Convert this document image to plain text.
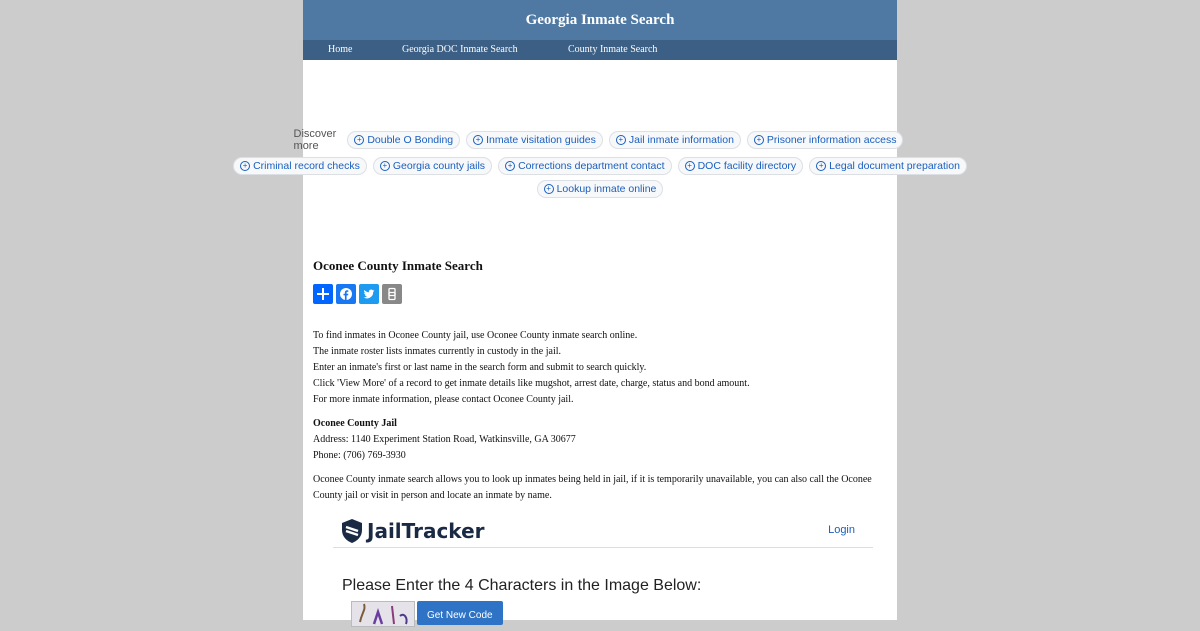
Georgia Inmate Search
Home	Georgia DOC Inmate Search	County Inmate Search
Discover more
+ Double O Bonding	+ Inmate visitation guides	+ Jail inmate information	+ Prisoner information access
+ Criminal record checks	+ Georgia county jails	+ Corrections department contact	+ DOC facility directory	+ Legal document preparation
+ Lookup inmate online
Oconee County Inmate Search

To find inmates in Oconee County jail, use Oconee County inmate search online.

The inmate roster lists inmates currently in custody in the jail.

Enter an inmate's first or last name in the search form and submit to search quickly.

Click 'View More' of a record to get inmate details like mugshot, arrest date, charge, status and bond amount.

For more inmate information, please contact Oconee County jail.

Oconee County Jail

Address: 1140 Experiment Station Road, Watkinsville, GA 30677

Phone: (706) 769-3930

Oconee County inmate search allows you to look up inmates being held in jail, if it is temporarily unavailable, you can also call the Oconee County jail or visit in person and locate an inmate by name.

JailTracker	Login
Please Enter the 4 Characters in the Image Below:
Get New Code
